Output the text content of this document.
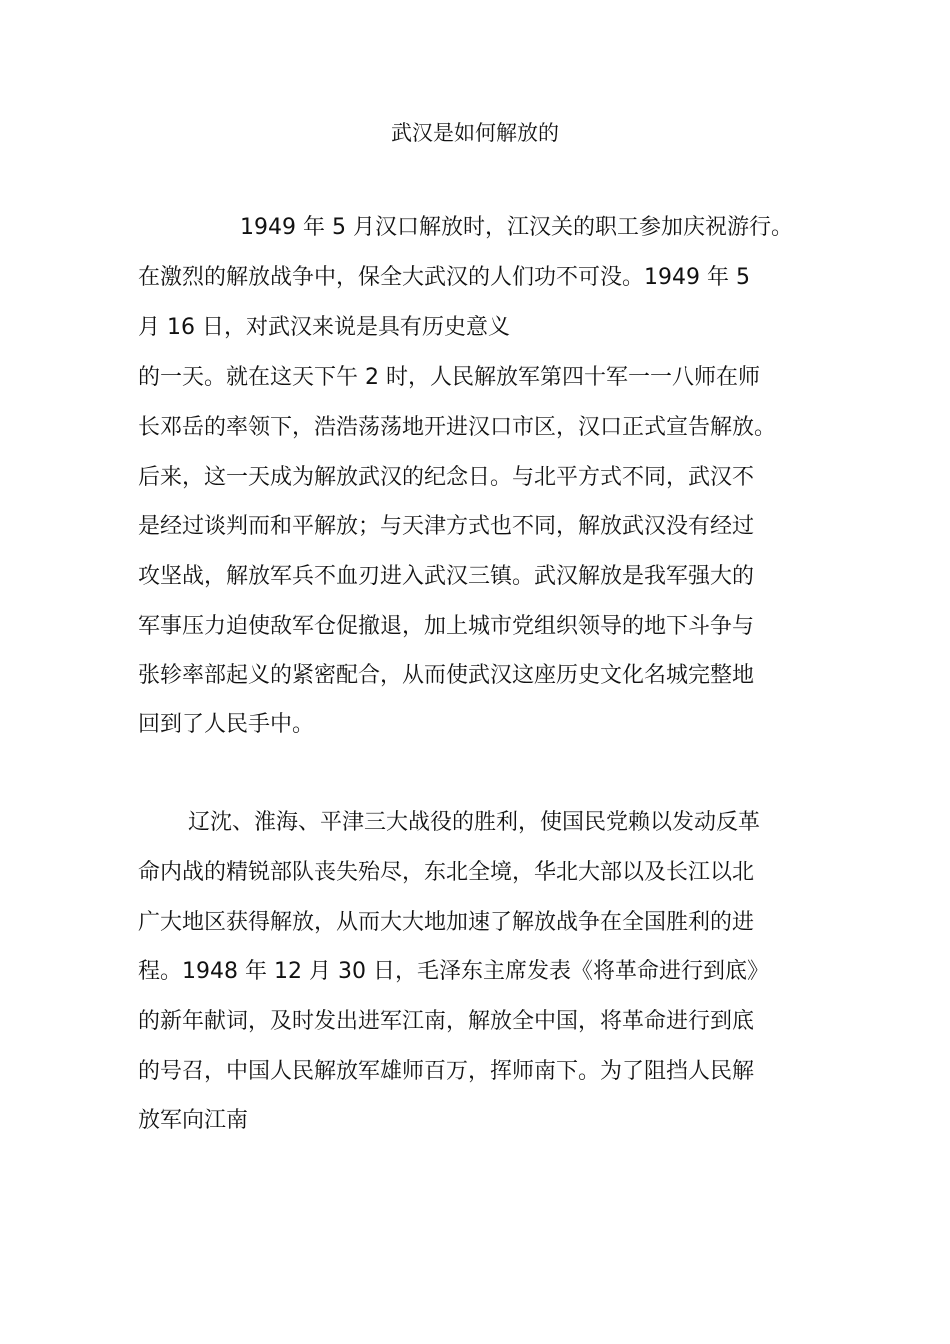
武汉是如何解放的
1949 年 5 月汉口解放时，江汉关的职工参加庆祝游行。
在激烈的解放战争中，保全大武汉的人们功不可没。1949 年 5
月 16 日，对武汉来说是具有历史意义
的一天。就在这天下午 2 时，人民解放军第四十军一一八师在师
长邓岳的率领下，浩浩荡荡地开进汉口市区，汉口正式宣告解放。
后来，这一天成为解放武汉的纪念日。与北平方式不同，武汉不
是经过谈判而和平解放；与天津方式也不同，解放武汉没有经过
攻坚战，解放军兵不血刃进入武汉三镇。武汉解放是我军强大的
军事压力迫使敌军仓促撤退，加上城市党组织领导的地下斗争与
张轸率部起义的紧密配合，从而使武汉这座历史文化名城完整地
回到了人民手中。
辽沈、淮海、平津三大战役的胜利，使国民党赖以发动反革
命内战的精锐部队丧失殆尽，东北全境，华北大部以及长江以北
广大地区获得解放，从而大大地加速了解放战争在全国胜利的进
程。1948 年 12 月 30 日，毛泽东主席发表《将革命进行到底》
的新年献词，及时发出进军江南，解放全中国，将革命进行到底
的号召，中国人民解放军雄师百万，挥师南下。为了阻挡人民解
放军向江南
